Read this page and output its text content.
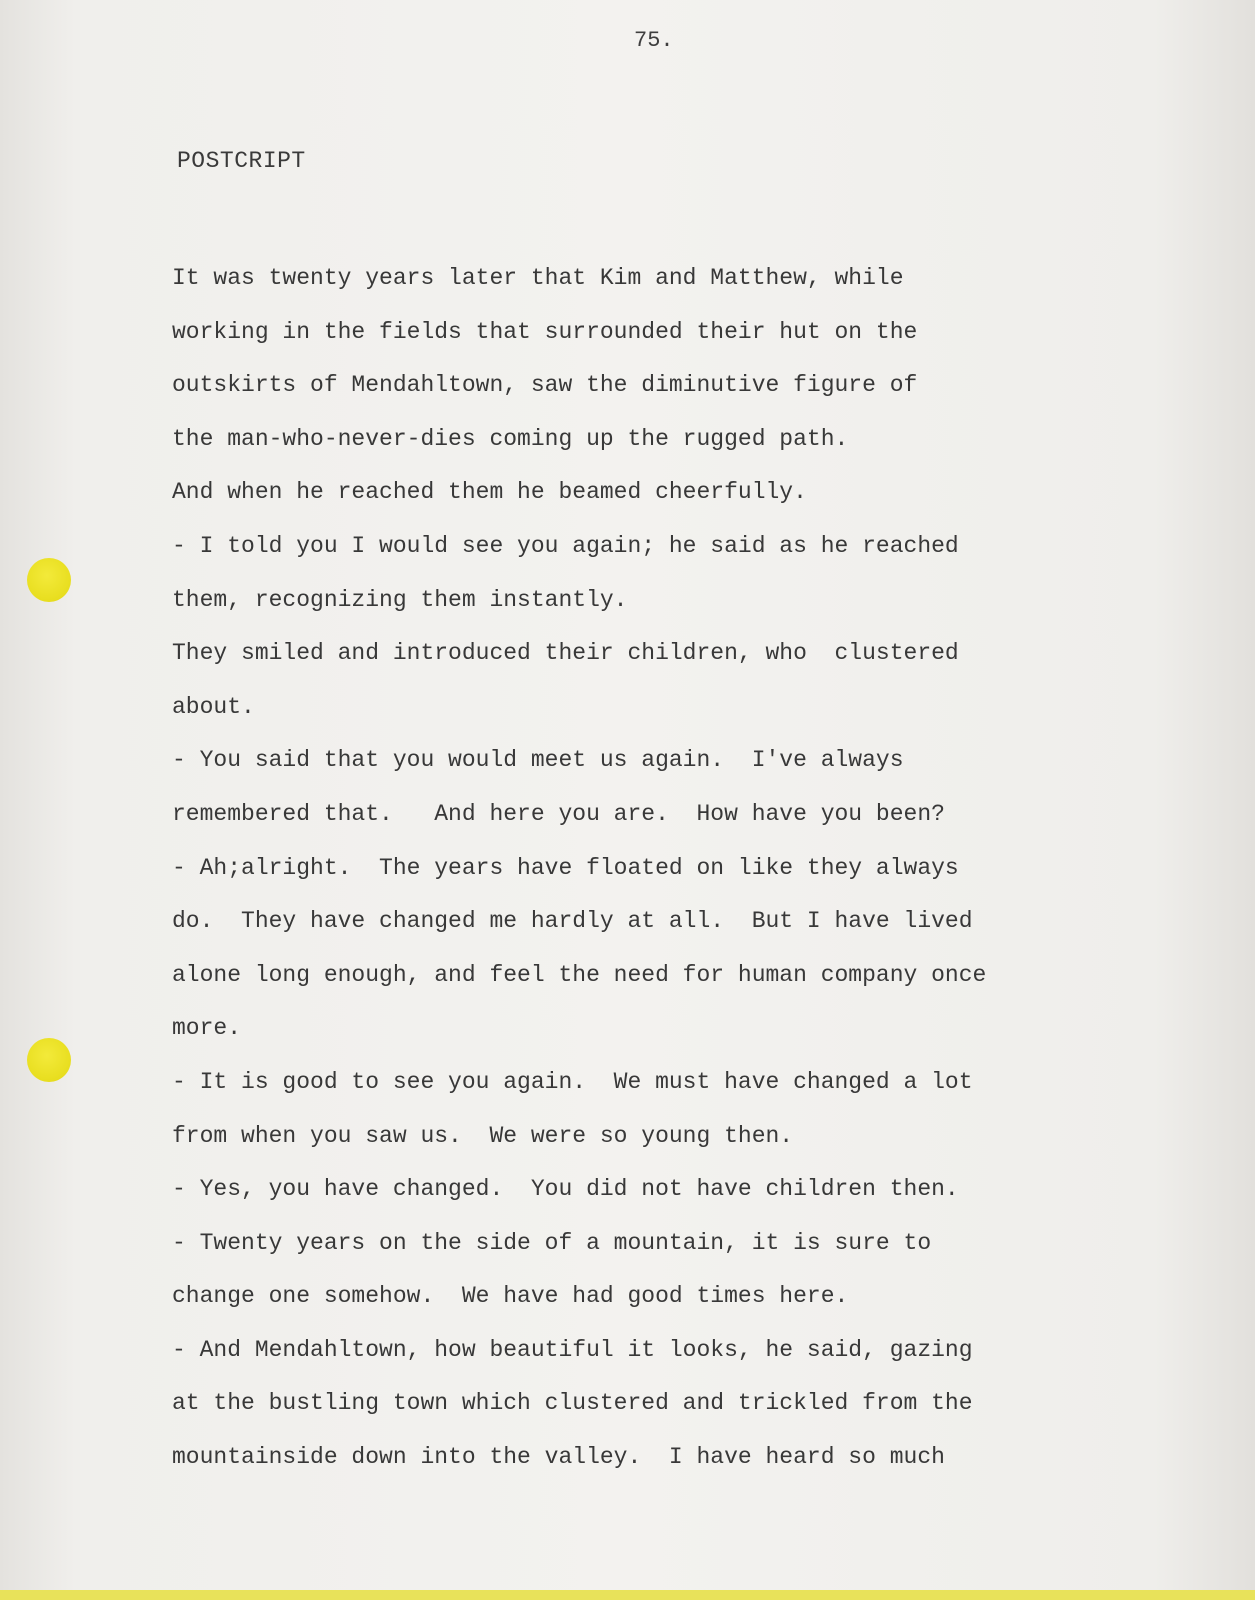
75.
POSTCRIPT
It was twenty years later that Kim and Matthew, while
working in the fields that surrounded their hut on the
outskirts of Mendahltown, saw the diminutive figure of
the man-who-never-dies coming up the rugged path.
And when he reached them he beamed cheerfully.
- I told you I would see you again; he said as he reached
them, recognizing them instantly.
They smiled and introduced their children, who  clustered
about.
- You said that you would meet us again.  I've always
remembered that.   And here you are.  How have you been?
- Ah;alright.  The years have floated on like they always
do.  They have changed me hardly at all.  But I have lived
alone long enough, and feel the need for human company once
more.
- It is good to see you again.  We must have changed a lot
from when you saw us.  We were so young then.
- Yes, you have changed.  You did not have children then.
- Twenty years on the side of a mountain, it is sure to
change one somehow.  We have had good times here.
- And Mendahltown, how beautiful it looks, he said, gazing
at the bustling town which clustered and trickled from the
mountainside down into the valley.  I have heard so much
